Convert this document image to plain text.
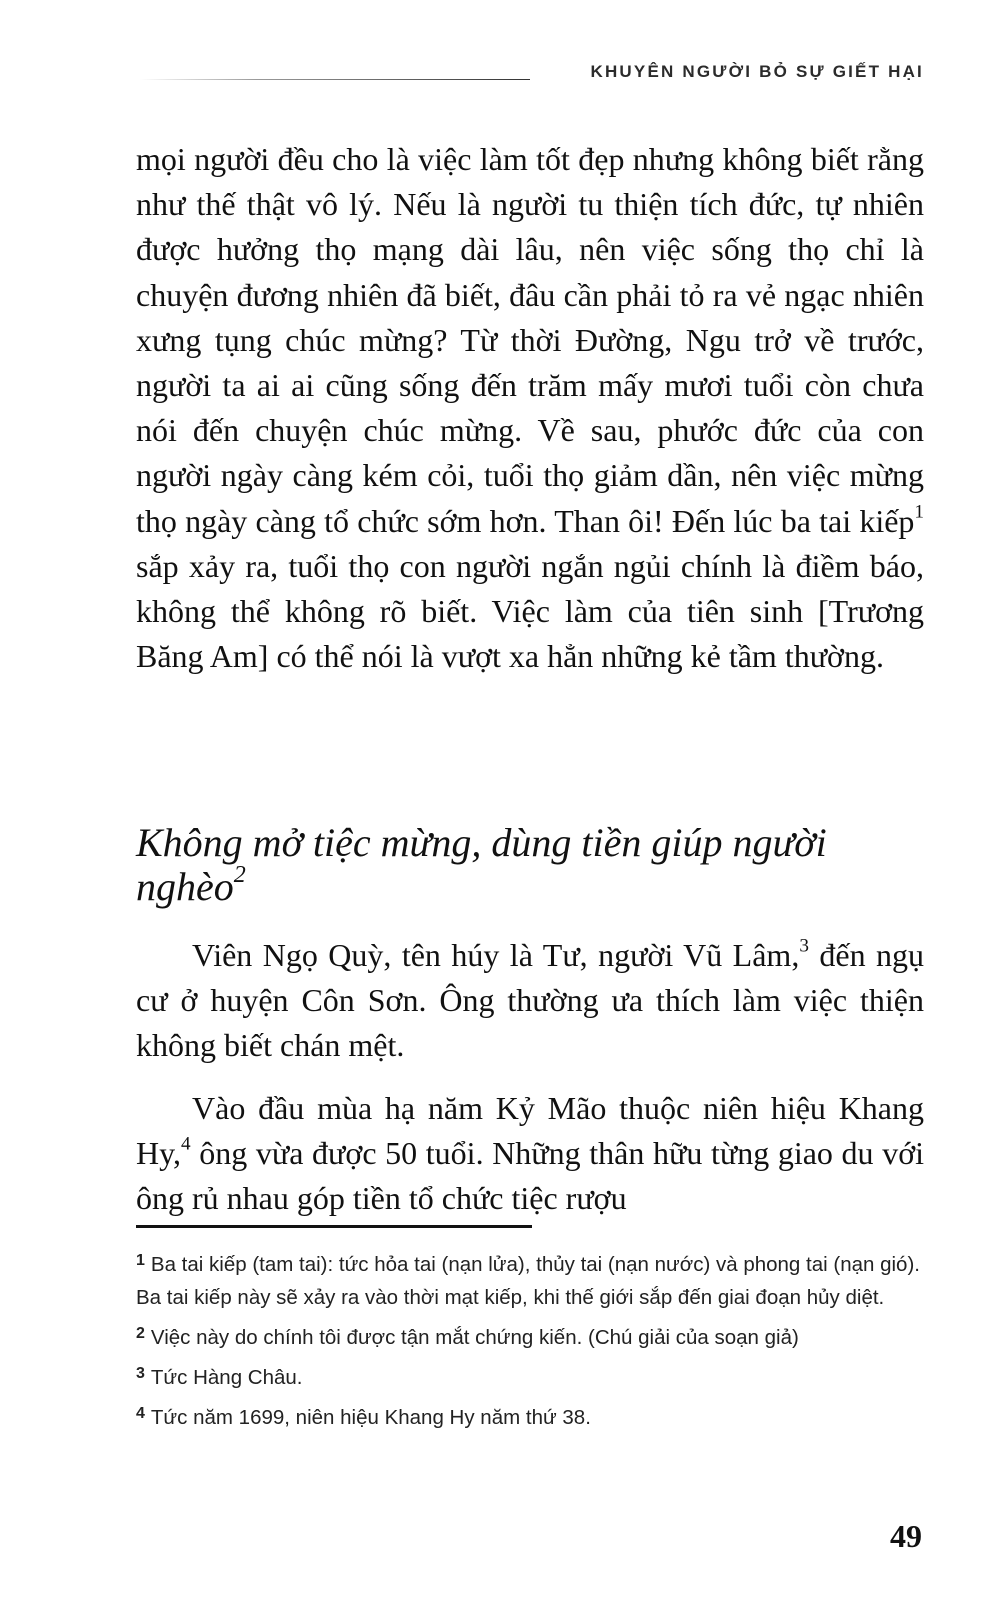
KHUYÊN NGƯỜI BỎ SỰ GIẾT HẠI

mọi người đều cho là việc làm tốt đẹp nhưng không biết rằng như thế thật vô lý. Nếu là người tu thiện tích đức, tự nhiên được hưởng thọ mạng dài lâu, nên việc sống thọ chỉ là chuyện đương nhiên đã biết, đâu cần phải tỏ ra vẻ ngạc nhiên xưng tụng chúc mừng? Từ thời Đường, Ngu trở về trước, người ta ai ai cũng sống đến trăm mấy mươi tuổi còn chưa nói đến chuyện chúc mừng. Về sau, phước đức của con người ngày càng kém cỏi, tuổi thọ giảm dần, nên việc mừng thọ ngày càng tổ chức sớm hơn. Than ôi! Đến lúc ba tai kiếp$^1$ sắp xảy ra, tuổi thọ con người ngắn ngủi chính là điềm báo, không thể không rõ biết. Việc làm của tiên sinh [Trương Băng Am] có thể nói là vượt xa hẳn những kẻ tầm thường.

Không mở tiệc mừng, dùng tiền giúp người nghèo$^2$

Viên Ngọ Quỳ, tên húy là Tư, người Vũ Lâm,$^3$ đến ngụ cư ở huyện Côn Sơn. Ông thường ưa thích làm việc thiện không biết chán mệt.

Vào đầu mùa hạ năm Kỷ Mão thuộc niên hiệu Khang Hy,$^4$ ông vừa được 50 tuổi. Những thân hữu từng giao du với ông rủ nhau góp tiền tổ chức tiệc rượu

$^1$ Ba tai kiếp (tam tai): tức hỏa tai (nạn lửa), thủy tai (nạn nước) và phong tai (nạn gió). Ba tai kiếp này sẽ xảy ra vào thời mạt kiếp, khi thế giới sắp đến giai đoạn hủy diệt.

$^2$ Việc này do chính tôi được tận mắt chứng kiến. (Chú giải của soạn giả)

$^3$ Tức Hàng Châu.

$^4$ Tức năm 1699, niên hiệu Khang Hy năm thứ 38.

49
